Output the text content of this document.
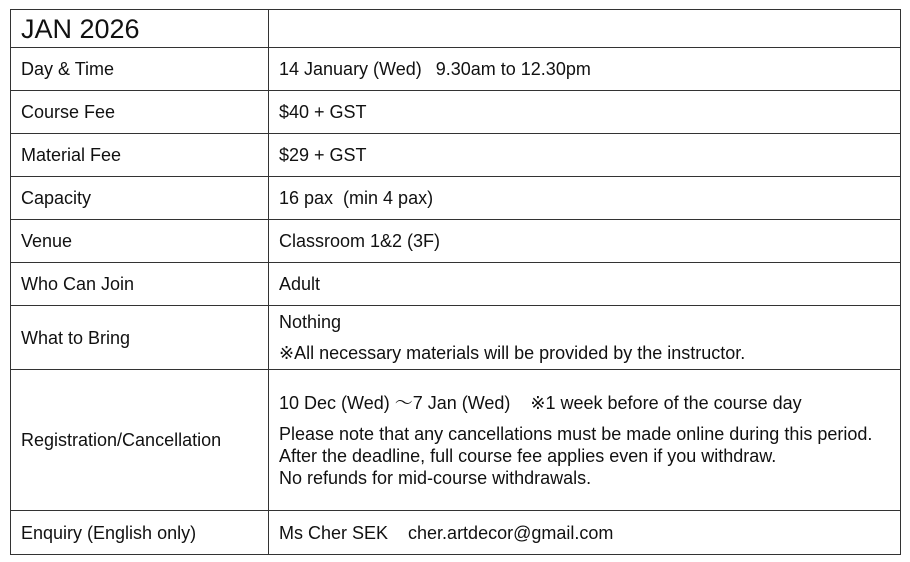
JAN 2026	
Day & Time	14 January (Wed) 9.30am to 12.30pm
Course Fee	$40 + GST
Material Fee	$29 + GST
Capacity	16 pax  (min 4 pax)
Venue	Classroom 1&2 (3F)
Who Can Join	Adult
What to Bring	Nothing
※All necessary materials will be provided by the instructor.

Registration/Cancellation	10 Dec (Wed) ～7 Jan (Wed) ※1 week before of the course day
Please note that any cancellations must be made online during this period.
After the deadline, full course fee applies even if you withdraw.
No refunds for mid-course withdrawals.

Enquiry (English only)	Ms Cher SEK cher.artdecor@gmail.com
